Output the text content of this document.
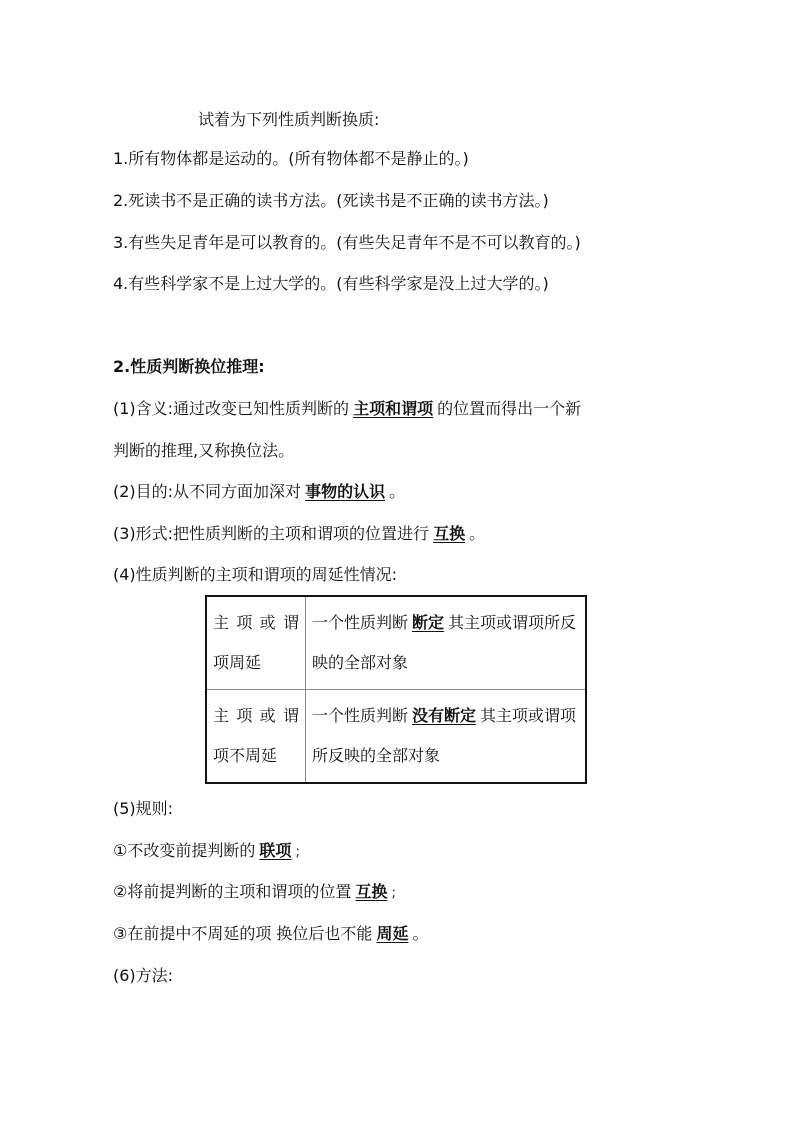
试着为下列性质判断换质:
1.所有物体都是运动的。(所有物体都不是静止的。)
2.死读书不是正确的读书方法。(死读书是不正确的读书方法。)
3.有些失足青年是可以教育的。(有些失足青年不是不可以教育的。)
4.有些科学家不是上过大学的。(有些科学家是没上过大学的。)
2.性质判断换位推理:
(1)含义:通过改变已知性质判断的 主项和谓项 的位置而得出一个新
判断的推理,又称换位法。
(2)目的:从不同方面加深对 事物的认识 。
(3)形式:把性质判断的主项和谓项的位置进行 互换 。
(4)性质判断的主项和谓项的周延性情况:
主 项 或 谓
项周延	一个性质判断 断定 其主项或谓项所反映的全部对象

主 项 或 谓
项不周延	一个性质判断 没有断定 其主项或谓项所反映的全部对象
(5)规则:
①不改变前提判断的 联项 ;
②将前提判断的主项和谓项的位置 互换 ;
③在前提中不周延的项 换位后也不能 周延 。
(6)方法:
